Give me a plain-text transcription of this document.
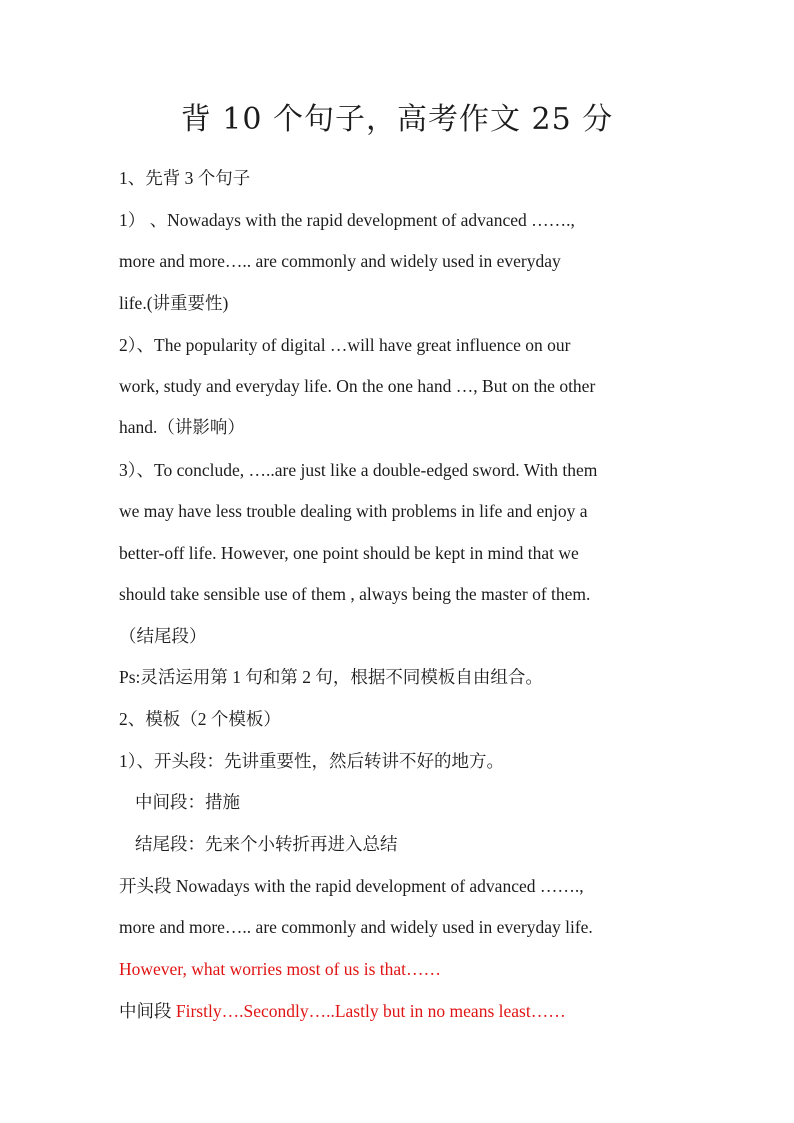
背 10 个句子，高考作文 25 分
1、先背 3 个句子
1） 、Nowadays with the rapid development of advanced …….,
more and more….. are commonly and widely used in everyday
life.(讲重要性)
2）、The popularity of digital …will have great influence on our
work, study and everyday life. On the one hand …, But on the other
hand.（讲影响）
3）、To conclude, …..are just like a double-edged sword. With them
we may have less trouble dealing with problems in life and enjoy a
better-off life. However, one point should be kept in mind that we
should take sensible use of them , always being the master of them.
（结尾段）
Ps:灵活运用第 1 句和第 2 句，根据不同模板自由组合。
2、模板（2 个模板）
1）、开头段：先讲重要性，然后转讲不好的地方。
中间段：措施
结尾段：先来个小转折再进入总结
开头段 Nowadays with the rapid development of advanced …….,
more and more….. are commonly and widely used in everyday life.
However, what worries most of us is that……
中间段 Firstly….Secondly…..Lastly but in no means least……
